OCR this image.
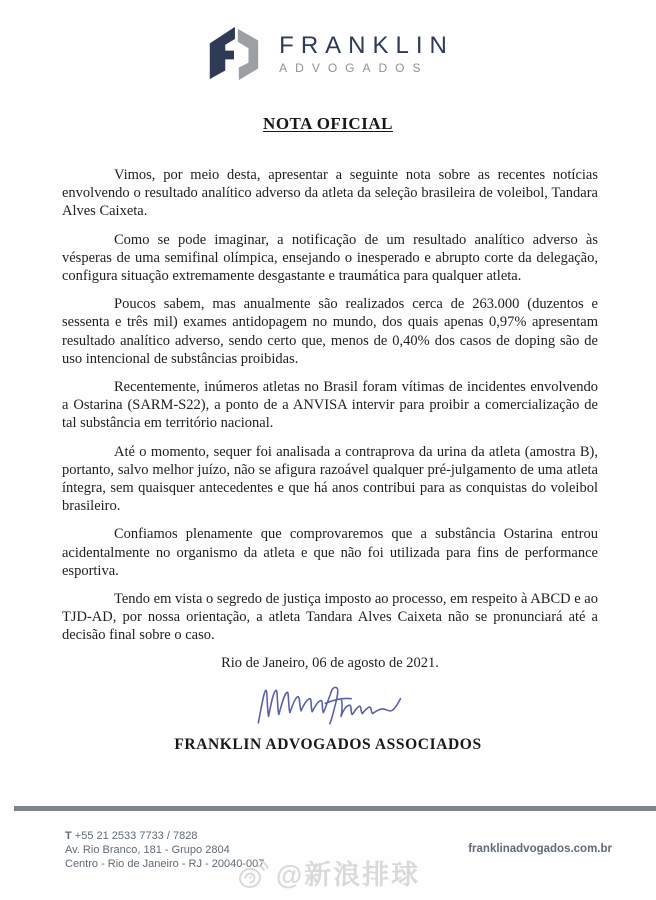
FRANKLIN
ADVOGADOS
NOTA OFICIAL

Vimos, por meio desta, apresentar a seguinte nota sobre as recentes notícias envolvendo o resultado analítico adverso da atleta da seleção brasileira de voleibol, Tandara Alves Caixeta.

Como se pode imaginar, a notificação de um resultado analítico adverso às vésperas de uma semifinal olímpica, ensejando o inesperado e abrupto corte da delegação, configura situação extremamente desgastante e traumática para qualquer atleta.

Poucos sabem, mas anualmente são realizados cerca de 263.000 (duzentos e sessenta e três mil) exames antidopagem no mundo, dos quais apenas 0,97% apresentam resultado analítico adverso, sendo certo que, menos de 0,40% dos casos de doping são de uso intencional de substâncias proibidas.

Recentemente, inúmeros atletas no Brasil foram vítimas de incidentes envolvendo a Ostarina (SARM-S22), a ponto de a ANVISA intervir para proibir a comercialização de tal substância em território nacional.

Até o momento, sequer foi analisada a contraprova da urina da atleta (amostra B), portanto, salvo melhor juízo, não se afigura razoável qualquer pré-julgamento de uma atleta íntegra, sem quaisquer antecedentes e que há anos contribui para as conquistas do voleibol brasileiro.

Confiamos plenamente que comprovaremos que a substância Ostarina entrou acidentalmente no organismo da atleta e que não foi utilizada para fins de performance esportiva.

Tendo em vista o segredo de justiça imposto ao processo, em respeito à ABCD e ao TJD-AD, por nossa orientação, a atleta Tandara Alves Caixeta não se pronunciará até a decisão final sobre o caso.

Rio de Janeiro, 06 de agosto de 2021.
FRANKLIN ADVOGADOS ASSOCIADOS
T +55 21 2533 7733 / 7828
Av. Rio Branco, 181 - Grupo 2804
Centro - Rio de Janeiro - RJ - 20040-007
franklinadvogados.com.br
@新浪排球
